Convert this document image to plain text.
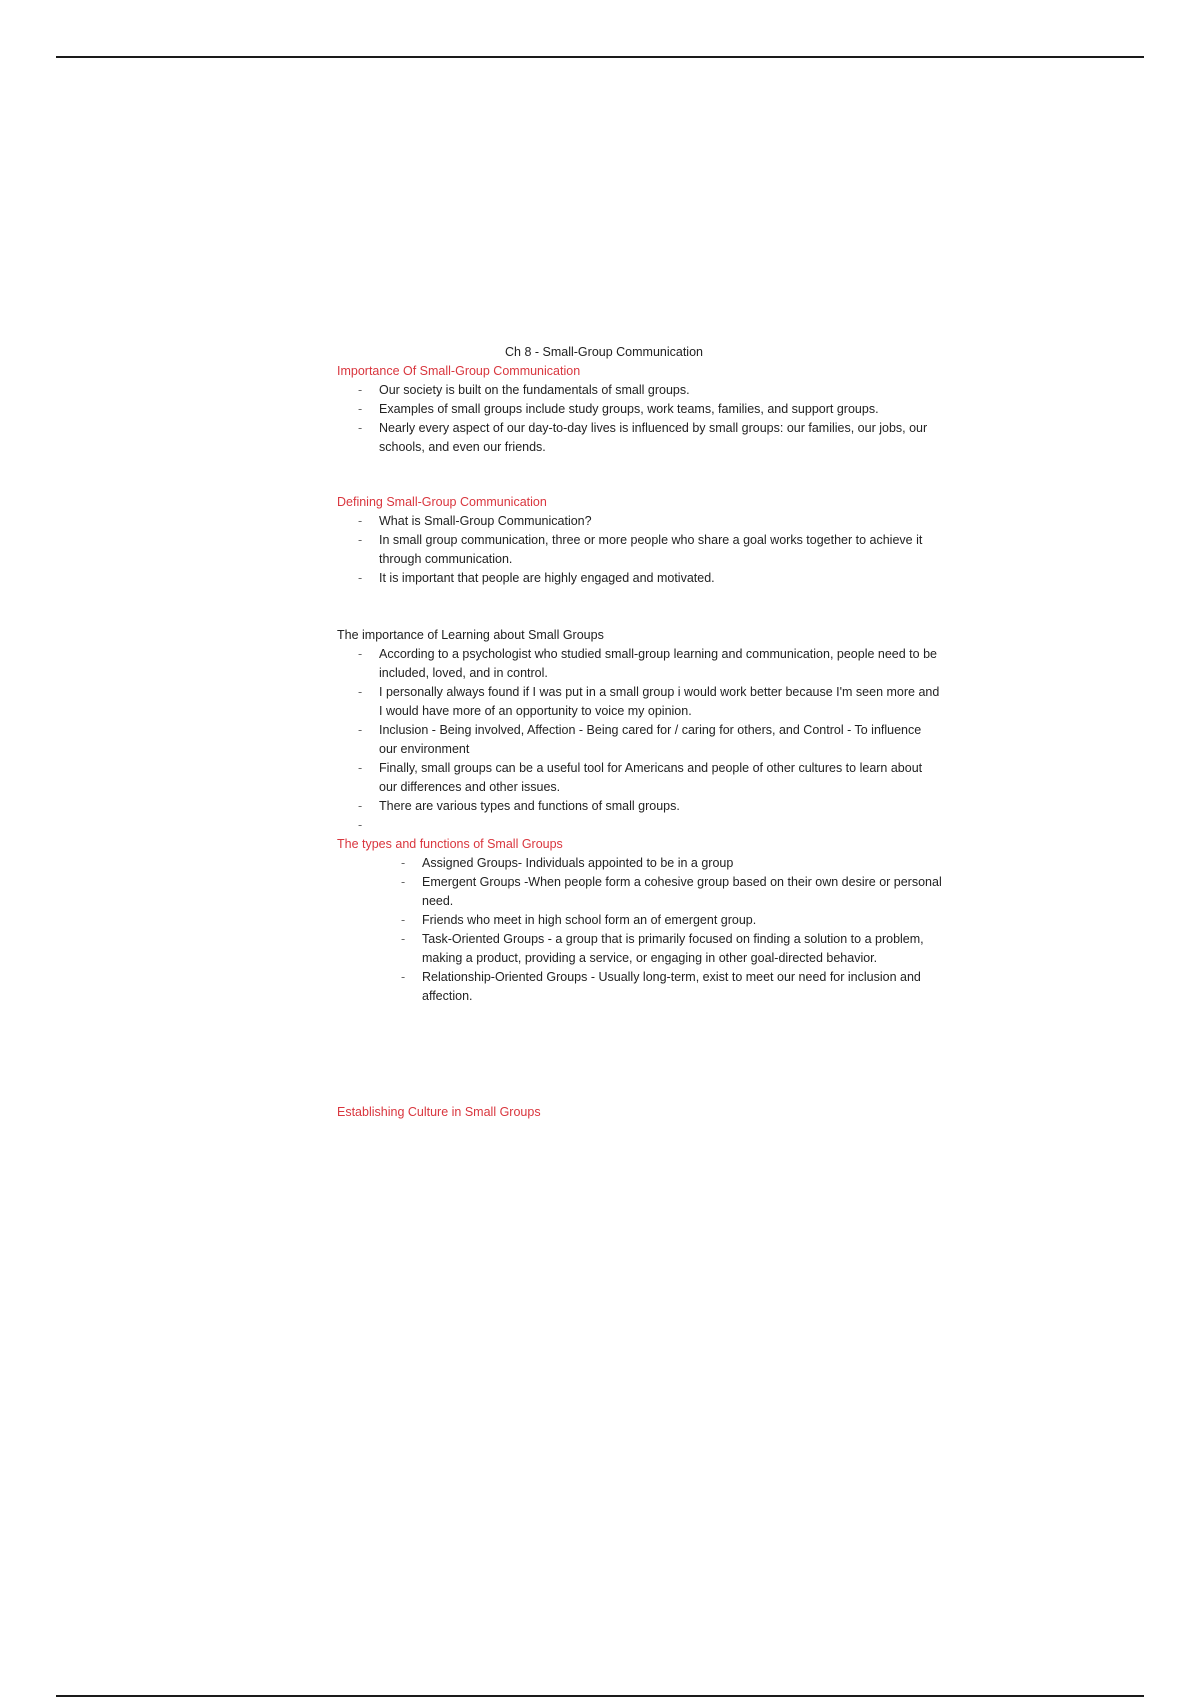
Ch 8 - Small-Group Communication
Importance Of Small-Group Communication
- Our society is built on the fundamentals of small groups.
- Examples of small groups include study groups, work teams, families, and support groups.
- Nearly every aspect of our day-to-day lives is influenced by small groups: our families, our jobs, our schools, and even our friends.
Defining Small-Group Communication
- What is Small-Group Communication?
- In small group communication, three or more people who share a goal works together to achieve it through communication.
- It is important that people are highly engaged and motivated.
The importance of Learning about Small Groups
- According to a psychologist who studied small-group learning and communication, people need to be included, loved, and in control.
- I personally always found if I was put in a small group i would work better because I'm seen more and I would have more of an opportunity to voice my opinion.
- Inclusion - Being involved, Affection - Being cared for / caring for others, and Control - To influence our environment
- Finally, small groups can be a useful tool for Americans and people of other cultures to learn about our differences and other issues.
- There are various types and functions of small groups.
-
The types and functions of Small Groups
- Assigned Groups- Individuals appointed to be in a group
- Emergent Groups -When people form a cohesive group based on their own desire or personal need.
- Friends who meet in high school form an of emergent group.
- Task-Oriented Groups - a group that is primarily focused on finding a solution to a problem, making a product, providing a service, or engaging in other goal-directed behavior.
- Relationship-Oriented Groups - Usually long-term, exist to meet our need for inclusion and affection.
Establishing Culture in Small Groups
